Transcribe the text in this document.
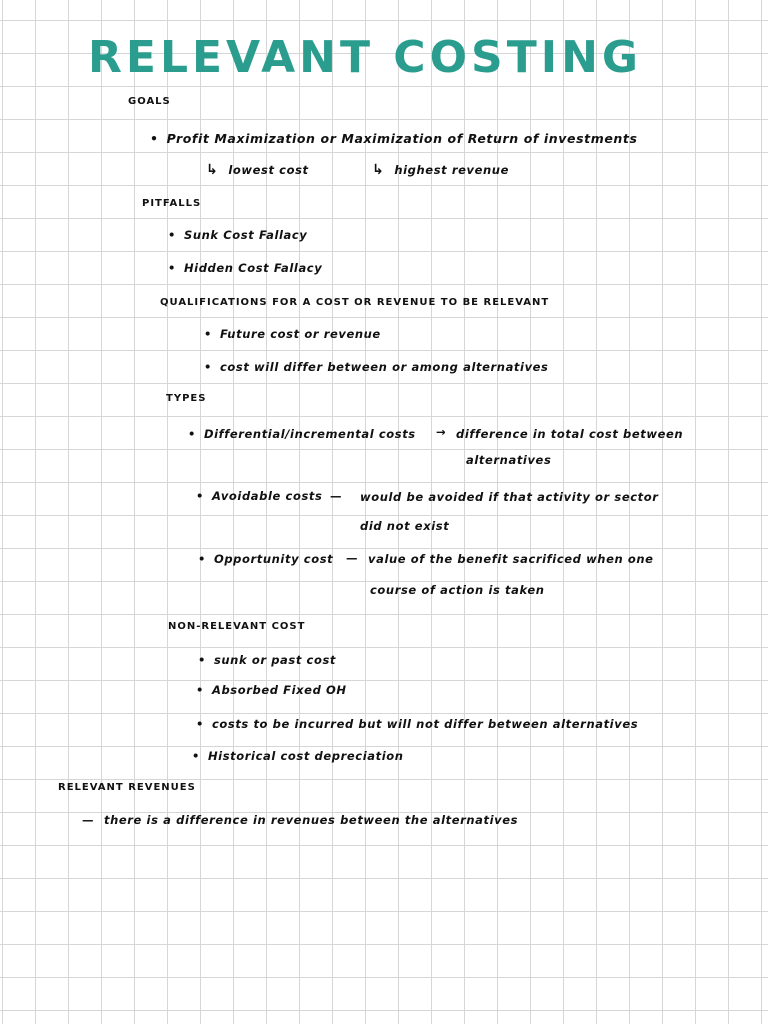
RELEVANT COSTING
GOALS
• Profit Maximization or Maximization of Return of investments
↳ lowest cost	↳ highest revenue
PITFALLS
• Sunk Cost Fallacy
• Hidden Cost Fallacy
QUALIFICATIONS FOR A COST OR REVENUE TO BE RELEVANT
• Future cost or revenue
• cost will differ between or among alternatives
TYPES
• Differential/incremental costs → difference in total cost between
alternatives
• Avoidable costs — would be avoided if that activity or sector
did not exist
• Opportunity cost — value of the benefit sacrificed when one
course of action is taken
NON-RELEVANT COST
• sunk or past cost
• Absorbed Fixed OH
• costs to be incurred but will not differ between alternatives
• Historical cost depreciation
RELEVANT REVENUES
— there is a difference in revenues between the alternatives
